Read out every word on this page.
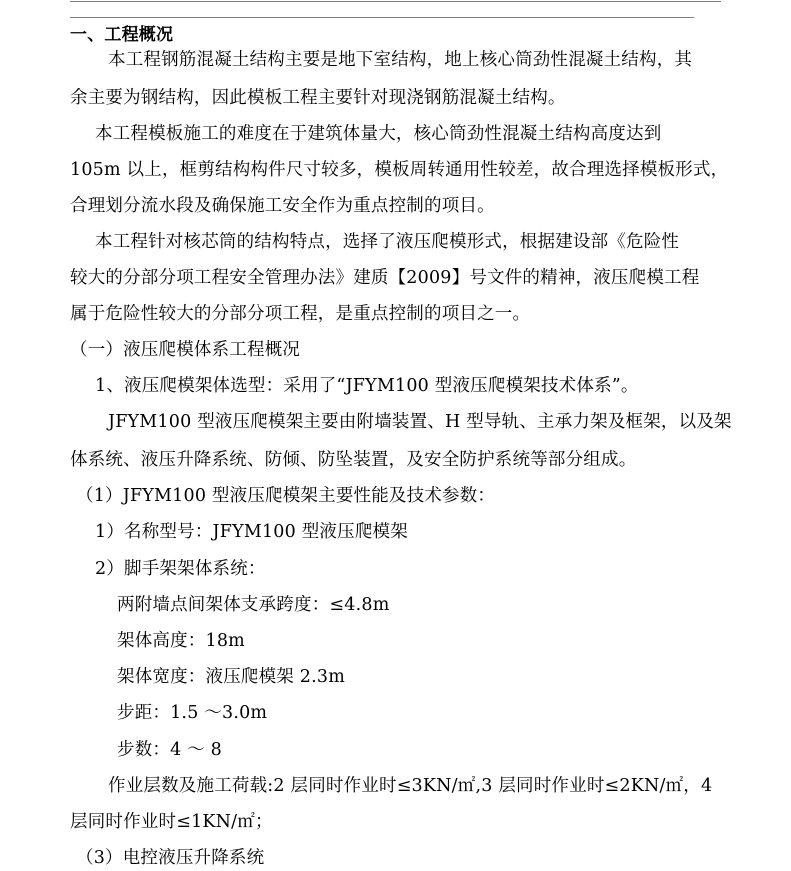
一、工程概况
本工程钢筋混凝土结构主要是地下室结构，地上核心筒劲性混凝土结构，其
余主要为钢结构，因此模板工程主要针对现浇钢筋混凝土结构。
本工程模板施工的难度在于建筑体量大，核心筒劲性混凝土结构高度达到
105m 以上，框剪结构构件尺寸较多，模板周转通用性较差，故合理选择模板形式，
合理划分流水段及确保施工安全作为重点控制的项目。
本工程针对核芯筒的结构特点，选择了液压爬模形式，根据建设部《危险性
较大的分部分项工程安全管理办法》建质【2009】号文件的精神，液压爬模工程
属于危险性较大的分部分项工程，是重点控制的项目之一。
（一）液压爬模体系工程概况
1、液压爬模架体选型：采用了“JFYM100 型液压爬模架技术体系”。
JFYM100 型液压爬模架主要由附墙装置、H 型导轨、主承力架及框架，以及架
体系统、液压升降系统、防倾、防坠装置，及安全防护系统等部分组成。
（1）JFYM100 型液压爬模架主要性能及技术参数：
1）名称型号：JFYM100 型液压爬模架
2）脚手架架体系统：
两附墙点间架体支承跨度：≤4.8m
架体高度：18m
架体宽度：液压爬模架 2.3m
步距：1.5 ～3.0m
步数：4 ～ 8
作业层数及施工荷载:2 层同时作业时≤3KN/㎡,3 层同时作业时≤2KN/㎡，4
层同时作业时≤1KN/㎡；
（3）电控液压升降系统
